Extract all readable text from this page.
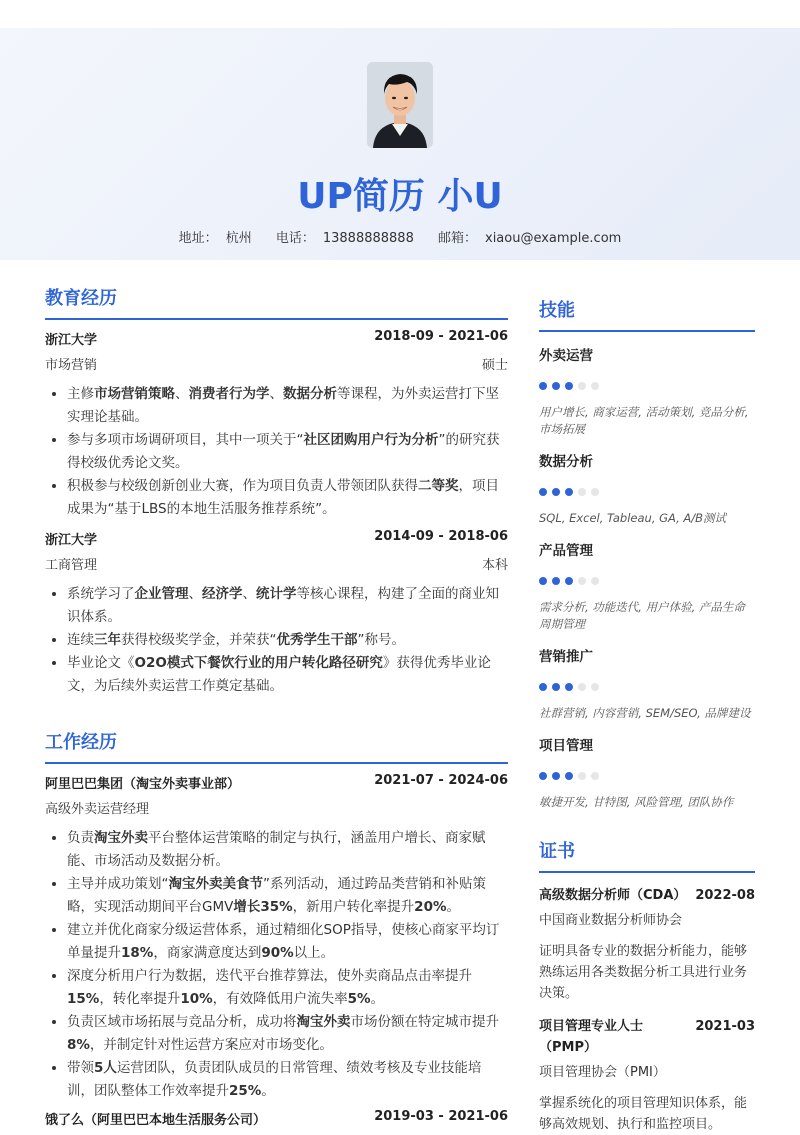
UP简历 小U
地址： 杭州 电话： 13888888888 邮箱： xiaou@example.com
教育经历
浙江大学	2018-09 - 2021-06
市场营销	硕士
• 主修市场营销策略、消费者行为学、数据分析等课程，为外卖运营打下坚实理论基础。
• 参与多项市场调研项目，其中一项关于“社区团购用户行为分析”的研究获得校级优秀论文奖。
• 积极参与校级创新创业大赛，作为项目负责人带领团队获得二等奖，项目成果为“基于LBS的本地生活服务推荐系统”。
浙江大学	2014-09 - 2018-06
工商管理	本科
• 系统学习了企业管理、经济学、统计学等核心课程，构建了全面的商业知识体系。
• 连续三年获得校级奖学金，并荣获“优秀学生干部”称号。
• 毕业论文《O2O模式下餐饮行业的用户转化路径研究》获得优秀毕业论文，为后续外卖运营工作奠定基础。
工作经历
阿里巴巴集团（淘宝外卖事业部）	2021-07 - 2024-06
高级外卖运营经理
• 负责淘宝外卖平台整体运营策略的制定与执行，涵盖用户增长、商家赋能、市场活动及数据分析。
• 主导并成功策划“淘宝外卖美食节”系列活动，通过跨品类营销和补贴策略，实现活动期间平台GMV增长35%，新用户转化率提升20%。
• 建立并优化商家分级运营体系，通过精细化SOP指导，使核心商家平均订单量提升18%，商家满意度达到90%以上。
• 深度分析用户行为数据，迭代平台推荐算法，使外卖商品点击率提升15%，转化率提升10%，有效降低用户流失率5%。
• 负责区域市场拓展与竞品分析，成功将淘宝外卖市场份额在特定城市提升8%，并制定针对性运营方案应对市场变化。
• 带领5人运营团队，负责团队成员的日常管理、绩效考核及专业技能培训，团队整体工作效率提升25%。
饿了么（阿里巴巴本地生活服务公司）	2019-03 - 2021-06
技能
外卖运营
用户增长, 商家运营, 活动策划, 竞品分析, 市场拓展
数据分析
SQL, Excel, Tableau, GA, A/B测试
产品管理
需求分析, 功能迭代, 用户体验, 产品生命周期管理
营销推广
社群营销, 内容营销, SEM/SEO, 品牌建设
项目管理
敏捷开发, 甘特图, 风险管理, 团队协作
证书
高级数据分析师（CDA） 2022-08
中国商业数据分析师协会
证明具备专业的数据分析能力，能够熟练运用各类数据分析工具进行业务决策。
项目管理专业人士（PMP）
2021-03
项目管理协会（PMI）
掌握系统化的项目管理知识体系，能够高效规划、执行和监控项目。
